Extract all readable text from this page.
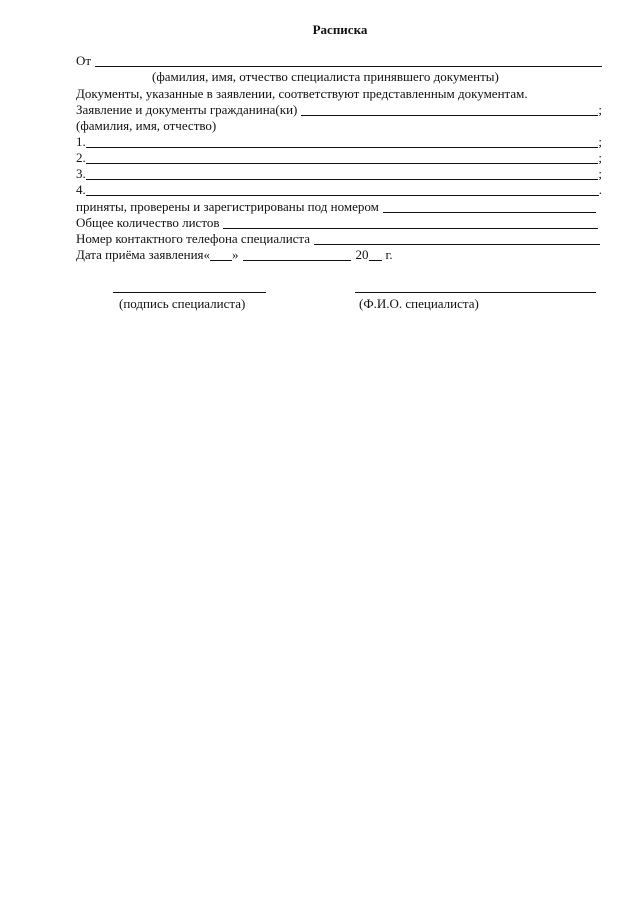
Расписка
От
(фамилия, имя, отчество специалиста принявшего документы)
Документы, указанные в заявлении, соответствуют представленным документам.
Заявление и документы гражданина(ки)	;
(фамилия, имя, отчество)
1.	;
2.	;
3.	;
4.	.
приняты, проверены и зарегистрированы под номером
Общее количество листов
Номер контактного телефона специалиста
Дата приёма заявления« »	20 г.
(подпись специалиста)	(Ф.И.О. специалиста)
